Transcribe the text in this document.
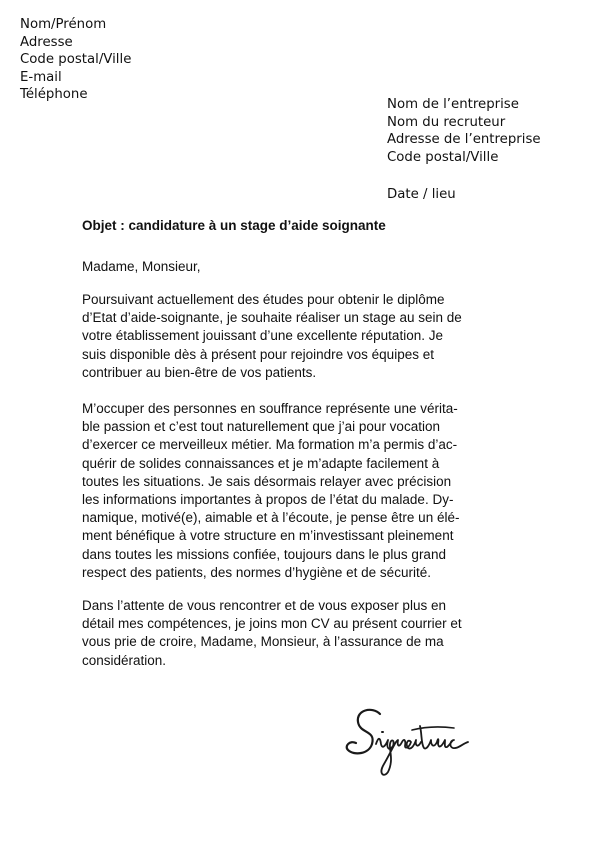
Nom/Prénom
Adresse
Code postal/Ville
E-mail
Téléphone
Nom de l’entreprise
Nom du recruteur
Adresse de l’entreprise
Code postal/Ville
Date / lieu
Objet : candidature à un stage d’aide soignante
Madame, Monsieur,
Poursuivant actuellement des études pour obtenir le diplôme
d’Etat d’aide-soignante, je souhaite réaliser un stage au sein de
votre établissement jouissant d’une excellente réputation. Je
suis disponible dès à présent pour rejoindre vos équipes et
contribuer au bien-être de vos patients.
M’occuper des personnes en souffrance représente une vérita-
ble passion et c’est tout naturellement que j’ai pour vocation
d’exercer ce merveilleux métier. Ma formation m’a permis d’ac-
quérir de solides connaissances et je m’adapte facilement à
toutes les situations. Je sais désormais relayer avec précision
les informations importantes à propos de l’état du malade. Dy-
namique, motivé(e), aimable et à l’écoute, je pense être un élé-
ment bénéfique à votre structure en m’investissant pleinement
dans toutes les missions confiée, toujours dans le plus grand
respect des patients, des normes d’hygiène et de sécurité.
Dans l’attente de vous rencontrer et de vous exposer plus en
détail mes compétences, je joins mon CV au présent courrier et
vous prie de croire, Madame, Monsieur, à l’assurance de ma
considération.
